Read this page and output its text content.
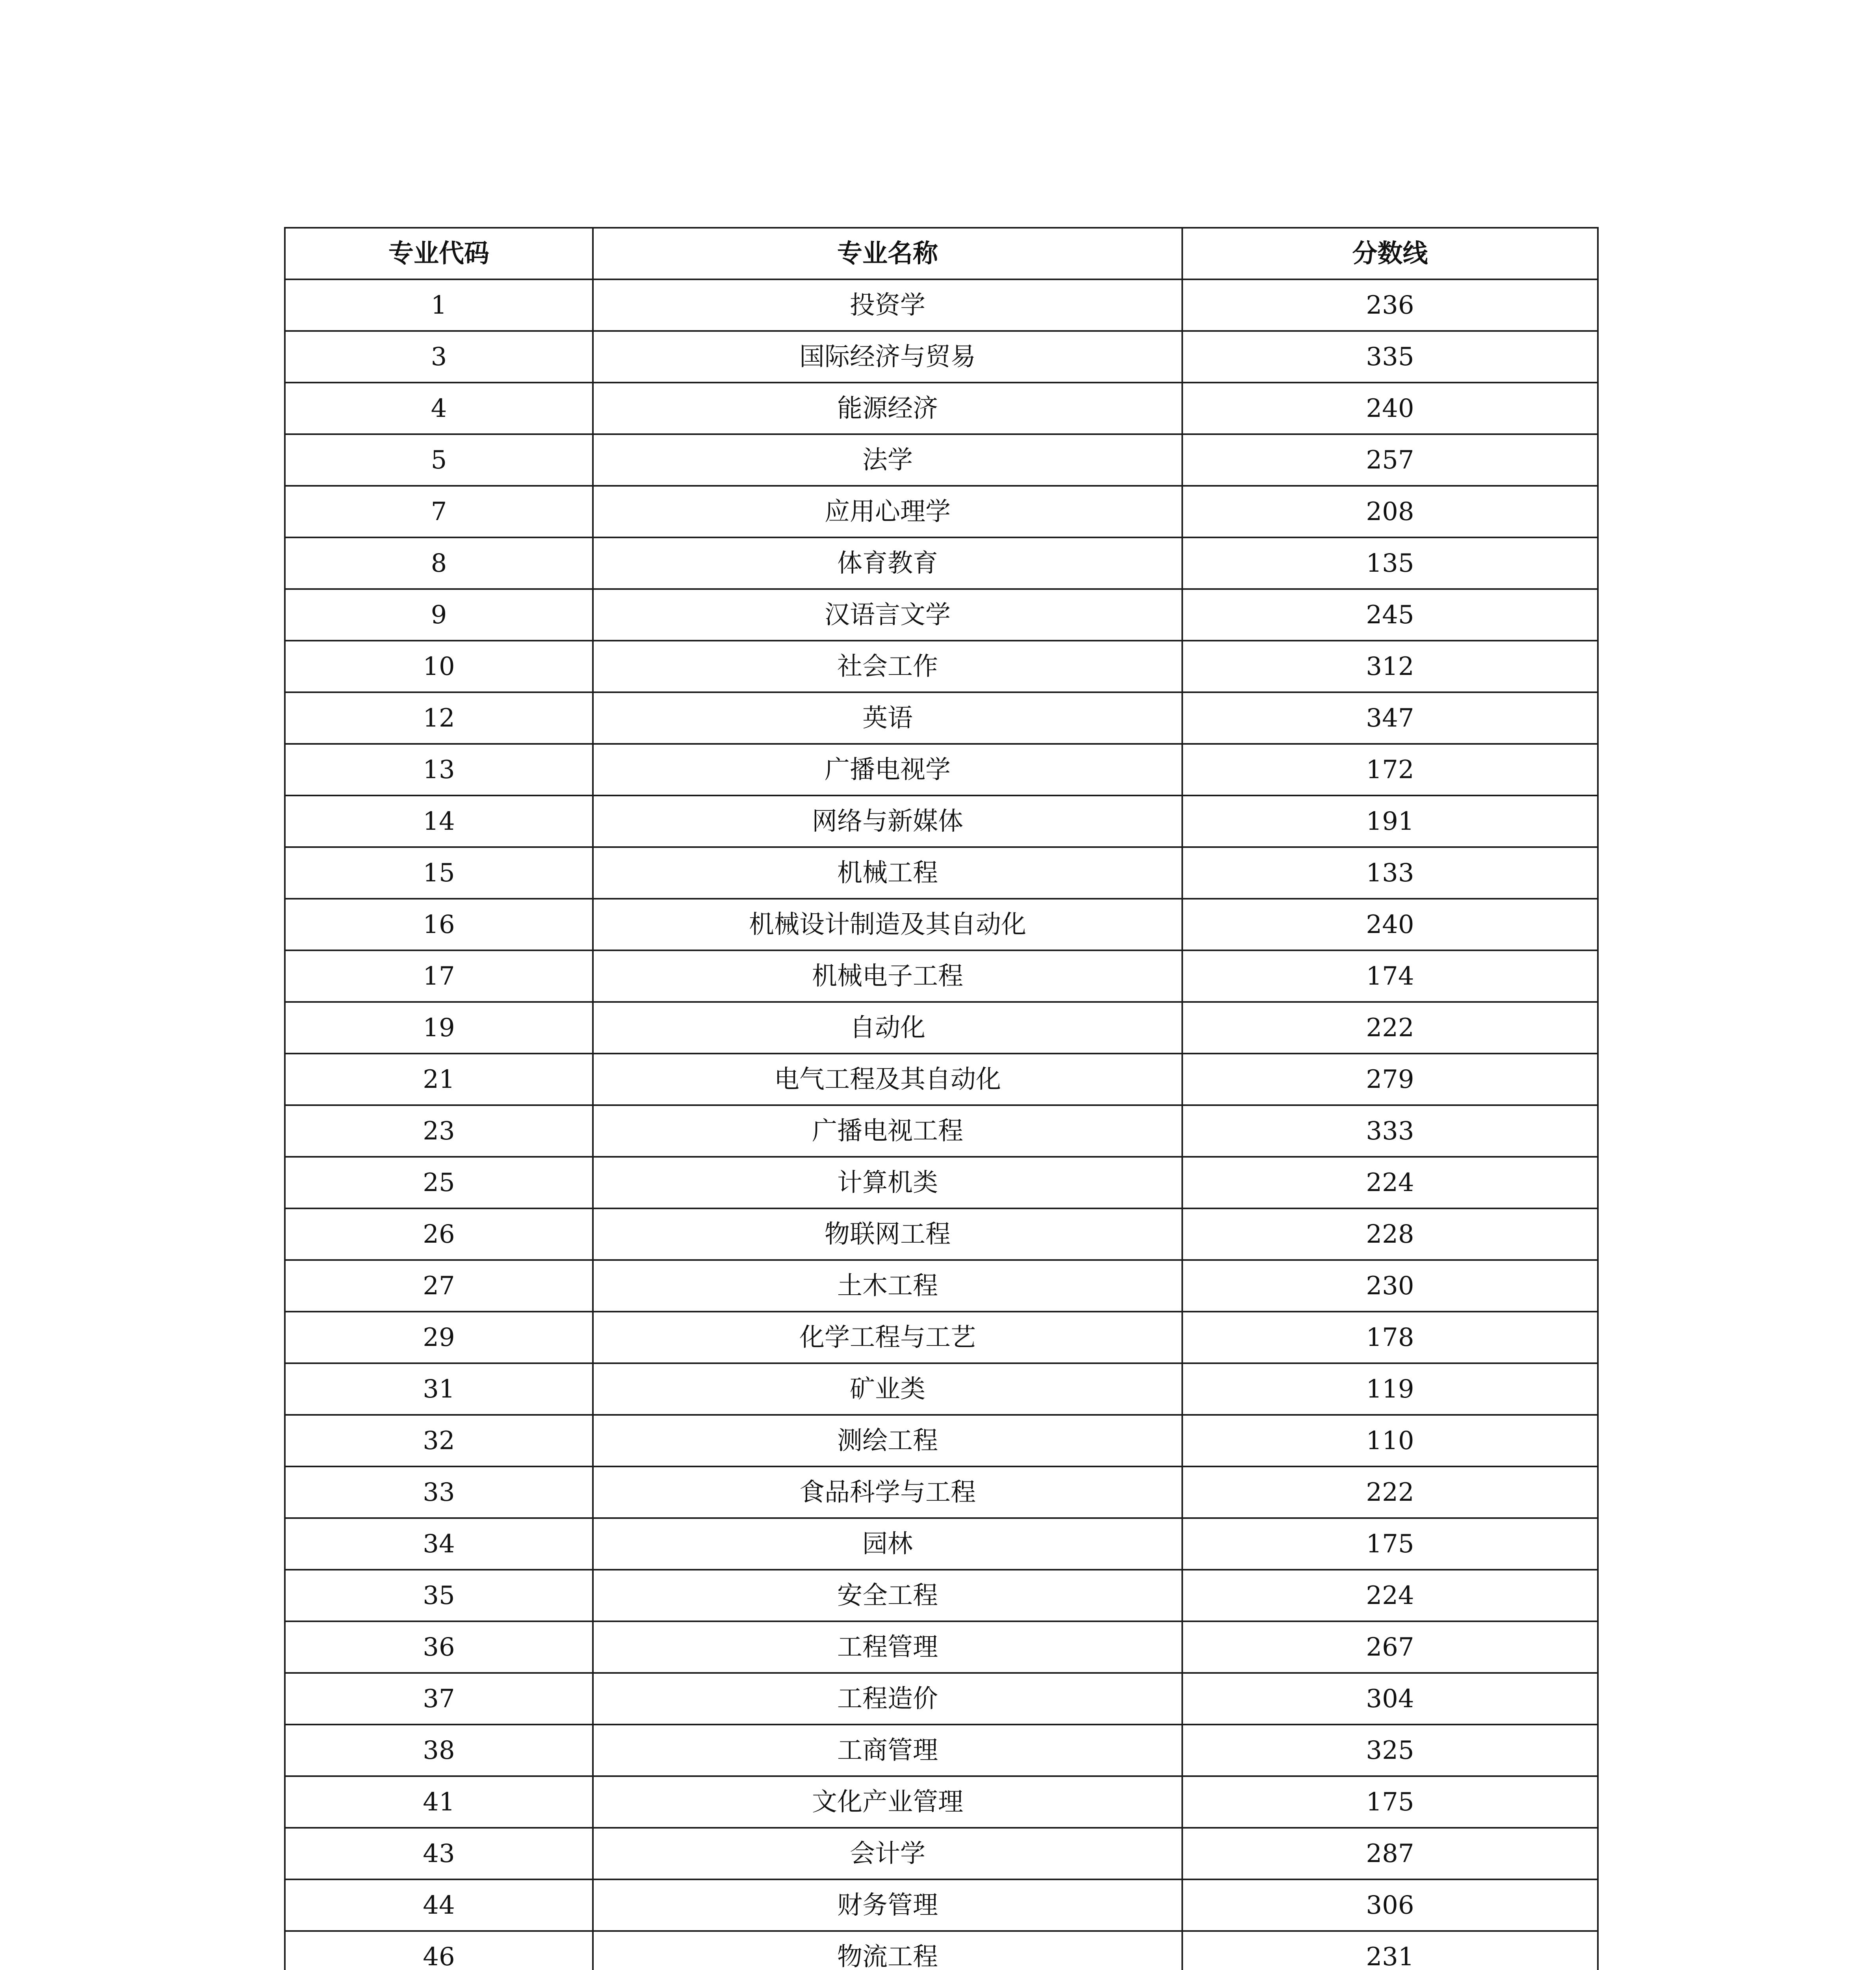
专业代码	专业名称	分数线
1	投资学	236
3	国际经济与贸易	335
4	能源经济	240
5	法学	257
7	应用心理学	208
8	体育教育	135
9	汉语言文学	245
10	社会工作	312
12	英语	347
13	广播电视学	172
14	网络与新媒体	191
15	机械工程	133
16	机械设计制造及其自动化	240
17	机械电子工程	174
19	自动化	222
21	电气工程及其自动化	279
23	广播电视工程	333
25	计算机类	224
26	物联网工程	228
27	土木工程	230
29	化学工程与工艺	178
31	矿业类	119
32	测绘工程	110
33	食品科学与工程	222
34	园林	175
35	安全工程	224
36	工程管理	267
37	工程造价	304
38	工商管理	325
41	文化产业管理	175
43	会计学	287
44	财务管理	306
46	物流工程	231
